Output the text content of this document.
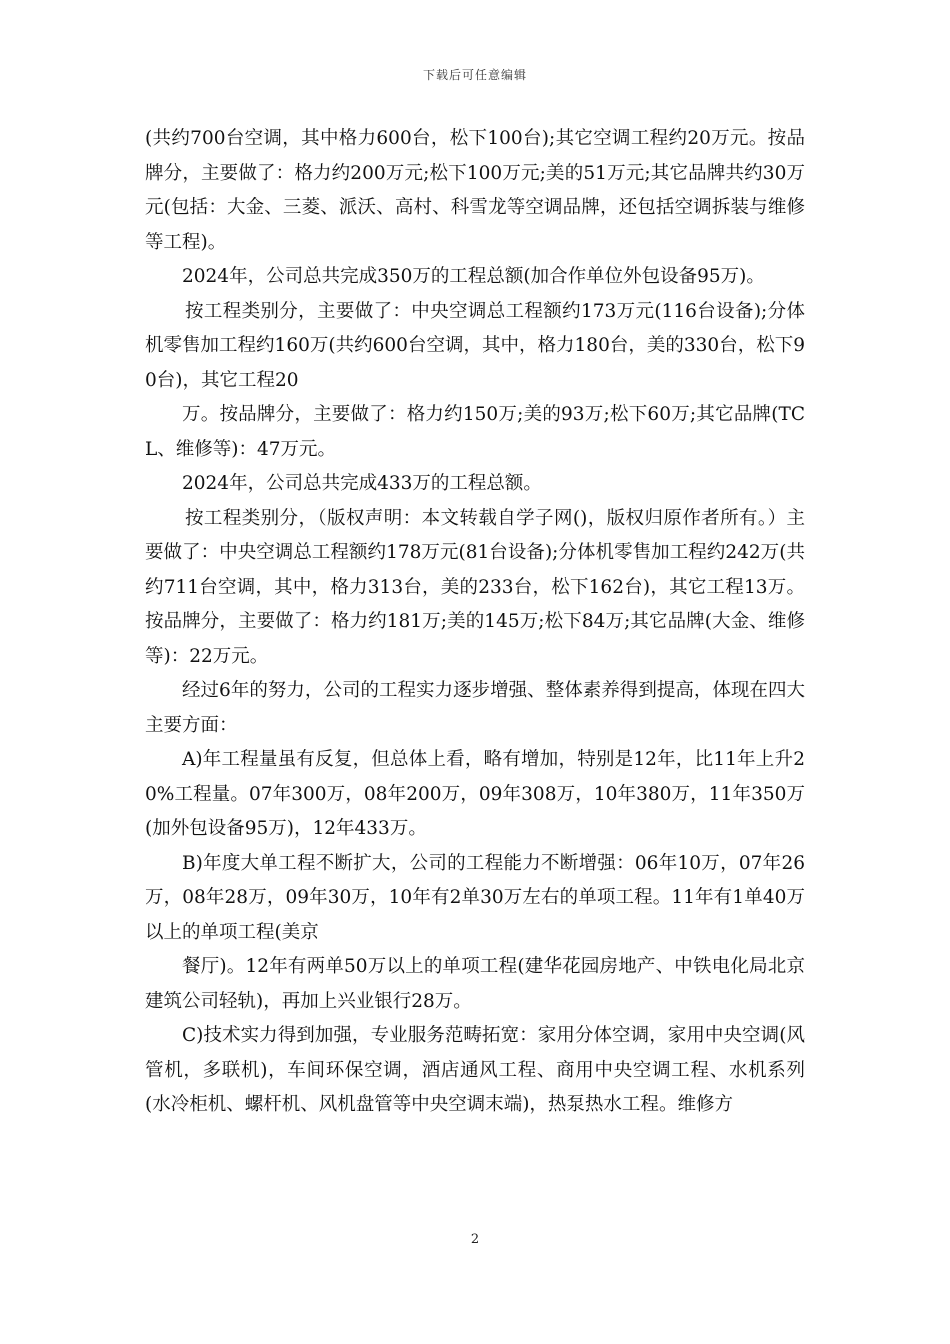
下载后可任意编辑

(共约700台空调，其中格力600台，松下100台);其它空调工程约20万元。按品牌分，主要做了：格力约200万元;松下100万元;美的51万元;其它品牌共约30万元(包括：大金、三菱、派沃、高村、科雪龙等空调品牌，还包括空调拆装与维修等工程)。

2024年，公司总共完成350万的工程总额(加合作单位外包设备95万)。

按工程类别分，主要做了：中央空调总工程额约173万元(116台设备);分体机零售加工程约160万(共约600台空调，其中，格力180台，美的330台，松下90台)，其它工程20

万。按品牌分，主要做了：格力约150万;美的93万;松下60万;其它品牌(TCL、维修等)：47万元。

2024年，公司总共完成433万的工程总额。

按工程类别分，（版权声明：本文转载自学子网()，版权归原作者所有。）主要做了：中央空调总工程额约178万元(81台设备);分体机零售加工程约242万(共约711台空调，其中，格力313台，美的233台，松下162台)，其它工程13万。按品牌分，主要做了：格力约181万;美的145万;松下84万;其它品牌(大金、维修等)：22万元。

经过6年的努力，公司的工程实力逐步增强、整体素养得到提高，体现在四大主要方面：

A)年工程量虽有反复，但总体上看，略有增加，特别是12年，比11年上升20%工程量。07年300万，08年200万，09年308万，10年380万，11年350万(加外包设备95万)，12年433万。

B)年度大单工程不断扩大，公司的工程能力不断增强：06年10万，07年26万，08年28万，09年30万，10年有2单30万左右的单项工程。11年有1单40万以上的单项工程(美京

餐厅)。12年有两单50万以上的单项工程(建华花园房地产、中铁电化局北京建筑公司轻轨)，再加上兴业银行28万。

C)技术实力得到加强，专业服务范畴拓宽：家用分体空调，家用中央空调(风管机，多联机)，车间环保空调，酒店通风工程、商用中央空调工程、水机系列(水冷柜机、螺杆机、风机盘管等中央空调末端)，热泵热水工程。维修方

2
